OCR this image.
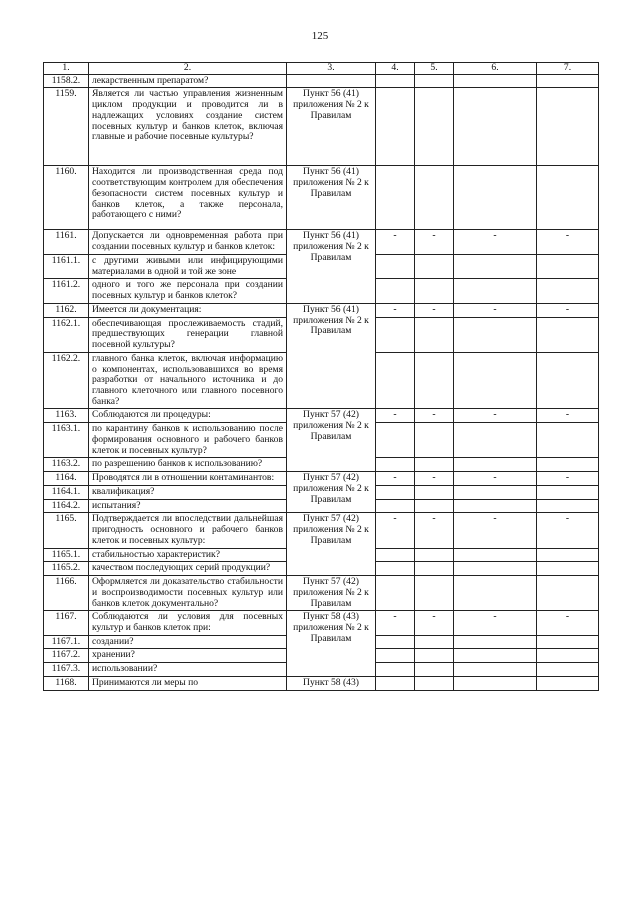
125
1.	2.	3.	4.	5.	6.	7.
1158.2.	лекарственным препаратом?					
1159.	Является ли частью управления жизненным циклом продукции и проводится ли в надлежащих условиях создание систем посевных культур и банков клеток, включая главные и рабочие посевные культуры?	Пункт 56 (41) приложения № 2 к Правилам				
1160.	Находится ли производственная среда под соответствующим контролем для обеспечения безопасности систем посевных культур и банков клеток, а также персонала, работающего с ними?	Пункт 56 (41) приложения № 2 к Правилам				
1161.	Допускается ли одновременная работа при создании посевных культур и банков клеток:	Пункт 56 (41) приложения № 2 к Правилам	-	-	-	-
1161.1.	с другими живыми или инфицирующими материалами в одной и той же зоне					
1161.2.	одного и того же персонала при создании посевных культур и банков клеток?					
1162.	Имеется ли документация:	Пункт 56 (41) приложения № 2 к Правилам	-	-	-	-
1162.1.	обеспечивающая прослеживаемость стадий, предшествующих генерации главной посевной культуры?					
1162.2.	главного банка клеток, включая информацию о компонентах, использовавшихся во время разработки от начального источника и до главного клеточного или главного посевного банка?					
1163.	Соблюдаются ли процедуры:	Пункт 57 (42) приложения № 2 к Правилам	-	-	-	-
1163.1.	по карантину банков к использованию после формирования основного и рабочего банков клеток и посевных культур?					
1163.2.	по разрешению банков к использованию?					
1164.	Проводятся ли в отношении контаминантов:	Пункт 57 (42) приложения № 2 к Правилам	-	-	-	-
1164.1.	квалификация?					
1164.2.	испытания?					
1165.	Подтверждается ли впоследствии дальнейшая пригодность основного и рабочего банков клеток и посевных культур:	Пункт 57 (42) приложения № 2 к Правилам	-	-	-	-
1165.1.	стабильностью характеристик?					
1165.2.	качеством последующих серий продукции?					
1166.	Оформляется ли доказательство стабильности и воспроизводимости посевных культур или банков клеток документально?	Пункт 57 (42) приложения № 2 к Правилам				
1167.	Соблюдаются ли условия для посевных культур и банков клеток при:	Пункт 58 (43) приложения № 2 к Правилам	-	-	-	-
1167.1.	создании?					
1167.2.	хранении?					
1167.3.	использовании?					
1168.	Принимаются ли меры по	Пункт 58 (43)				
